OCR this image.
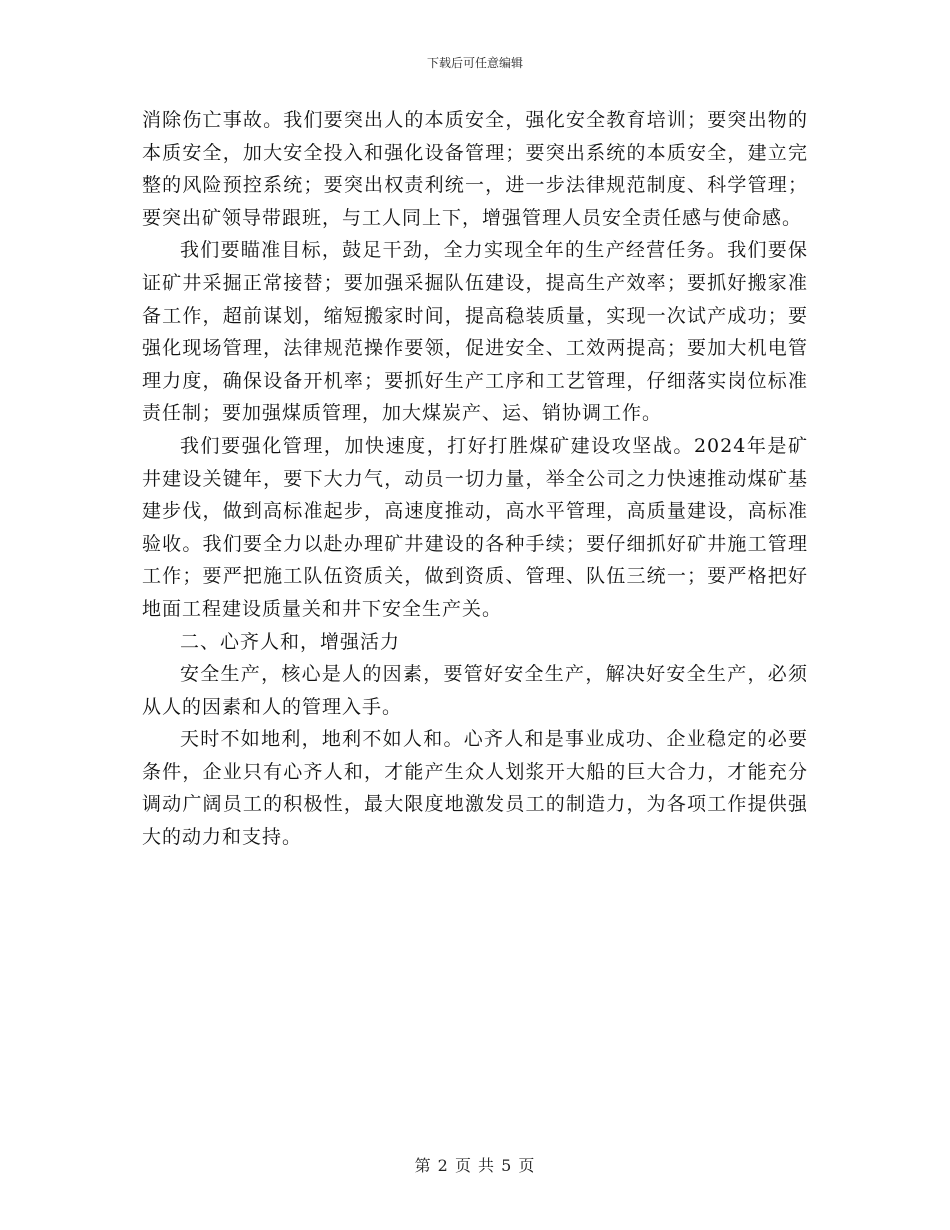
下载后可任意编辑

消除伤亡事故。我们要突出人的本质安全，强化安全教育培训；要突出物的本质安全，加大安全投入和强化设备管理；要突出系统的本质安全，建立完整的风险预控系统；要突出权责利统一，进一步法律规范制度、科学管理；要突出矿领导带跟班，与工人同上下，增强管理人员安全责任感与使命感。

我们要瞄准目标，鼓足干劲，全力实现全年的生产经营任务。我们要保证矿井采掘正常接替；要加强采掘队伍建设，提高生产效率；要抓好搬家准备工作，超前谋划，缩短搬家时间，提高稳装质量，实现一次试产成功；要强化现场管理，法律规范操作要领，促进安全、工效两提高；要加大机电管理力度，确保设备开机率；要抓好生产工序和工艺管理，仔细落实岗位标准责任制；要加强煤质管理，加大煤炭产、运、销协调工作。

我们要强化管理，加快速度，打好打胜煤矿建设攻坚战。2024年是矿井建设关键年，要下大力气，动员一切力量，举全公司之力快速推动煤矿基建步伐，做到高标准起步，高速度推动，高水平管理，高质量建设，高标准验收。我们要全力以赴办理矿井建设的各种手续；要仔细抓好矿井施工管理工作；要严把施工队伍资质关，做到资质、管理、队伍三统一；要严格把好地面工程建设质量关和井下安全生产关。

二、心齐人和，增强活力

安全生产，核心是人的因素，要管好安全生产，解决好安全生产，必须从人的因素和人的管理入手。

天时不如地利，地利不如人和。心齐人和是事业成功、企业稳定的必要条件，企业只有心齐人和，才能产生众人划浆开大船的巨大合力，才能充分调动广阔员工的积极性，最大限度地激发员工的制造力，为各项工作提供强大的动力和支持。

第 2 页 共 5 页
